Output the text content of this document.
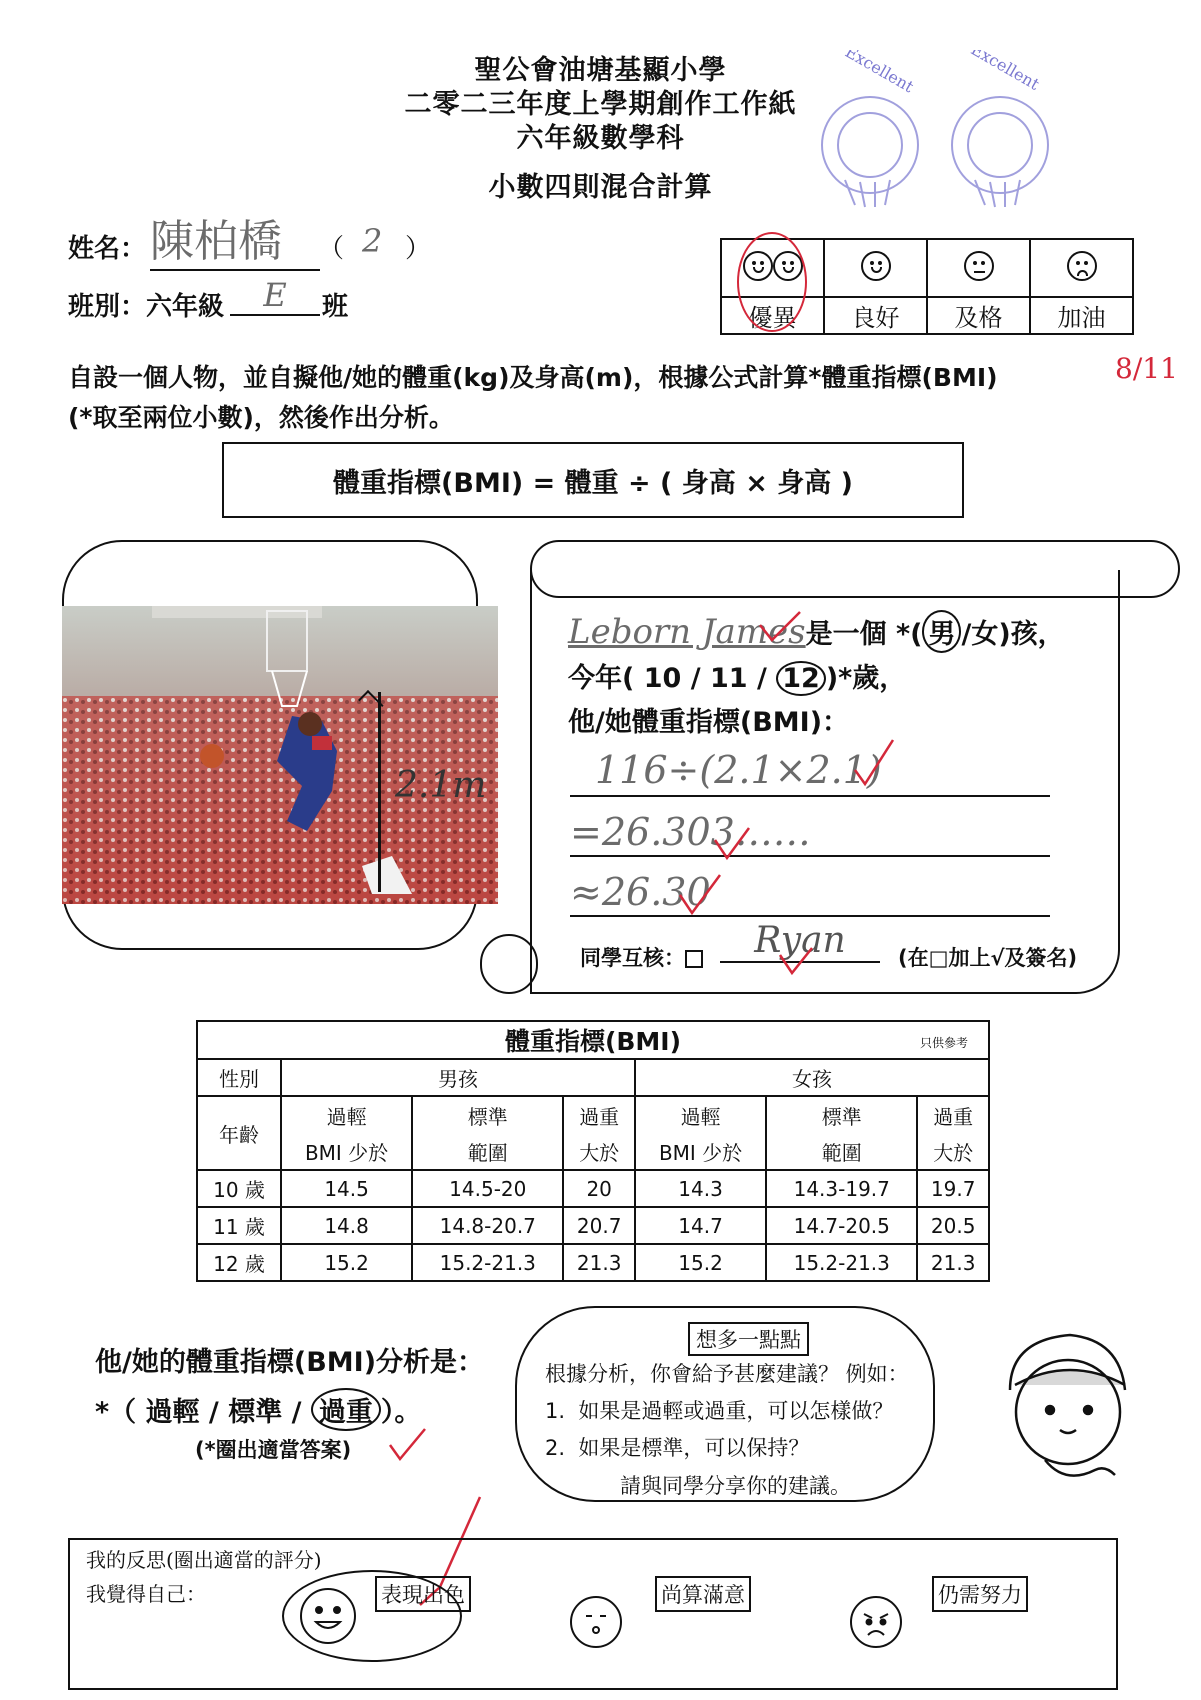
聖公會油塘基顯小學
二零二三年度上學期創作工作紙
六年級數學科
小數四則混合計算
Excellent	Excellent
姓名： 陳柏橋	（ 2 ）
班別：六年級	E	班

		優異	良好	及格	加油
8/11
自設一個人物，並自擬他/她的體重(kg)及身高(m)，根據公式計算*體重指標(BMI)
(*取至兩位小數)，然後作出分析。
體重指標(BMI) = 體重 ÷ ( 身高 × 身高 )
2.1m
Leborn James是一個 *( 男 /女)孩，
今年( 10 / 11 / 12 )*歲，
他/她體重指標(BMI)：
116÷(2.1×2.1)
=26.303……
≈26.30
同學互核：	Ryan	(在□加上√及簽名)
體重指標(BMI) 只供參考						

性別	男孩			女孩		
年齡	過輕	標準	過重	過輕	標準	過重
	BMI 少於	範圍	大於	BMI 少於	範圍	大於
10 歲	14.5	14.5-20	20	14.3	14.3-19.7	19.7
11 歲	14.8	14.8-20.7	20.7	14.7	14.7-20.5	20.5
12 歲	15.2	15.2-21.3	21.3	15.2	15.2-21.3	21.3
他/她的體重指標(BMI)分析是：
*（ 過輕 / 標準 / 過重 ）。
(*圈出適當答案)
想多一點點
根據分析，你會給予甚麼建議？ 例如：
1. 如果是過輕或過重，可以怎樣做？
2. 如果是標準，可以保持？
請與同學分享你的建議。
我的反思(圈出適當的評分)
我覺得自己：	表現出色	尚算滿意	仍需努力
